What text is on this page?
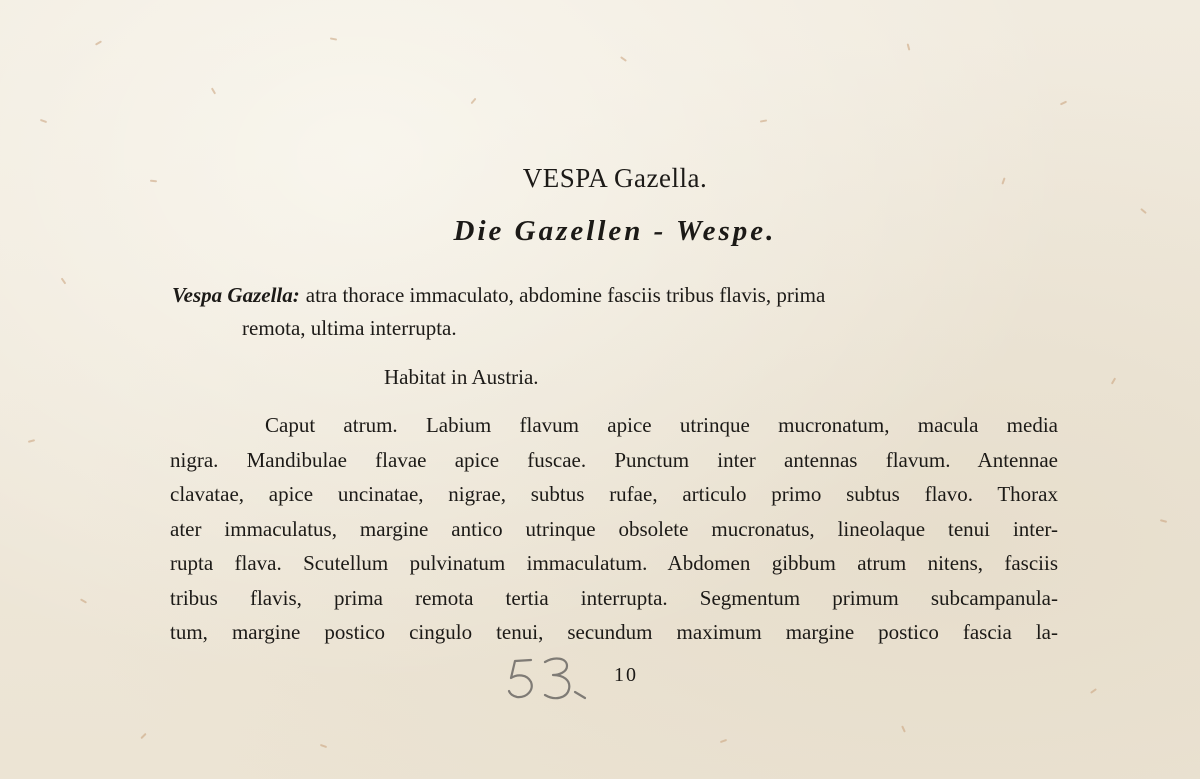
VESPA Gazella.
Die Gazellen - Wespe.
Vespa Gazella: atra thorace immaculato, abdomine fasciis tribus flavis, prima
remota, ultima interrupta.
Habitat in Austria.
Caput atrum. Labium flavum apice utrinque mucronatum, macula media
nigra. Mandibulae flavae apice fuscae. Punctum inter antennas flavum. Antennae
clavatae, apice uncinatae, nigrae, subtus rufae, articulo primo subtus flavo. Thorax
ater immaculatus, margine antico utrinque obsolete mucronatus, lineolaque tenui inter-
rupta flava. Scutellum pulvinatum immaculatum. Abdomen gibbum atrum nitens, fasciis
tribus flavis, prima remota tertia interrupta. Segmentum primum subcampanula-
tum, margine postico cingulo tenui, secundum maximum margine postico fascia la-
10
